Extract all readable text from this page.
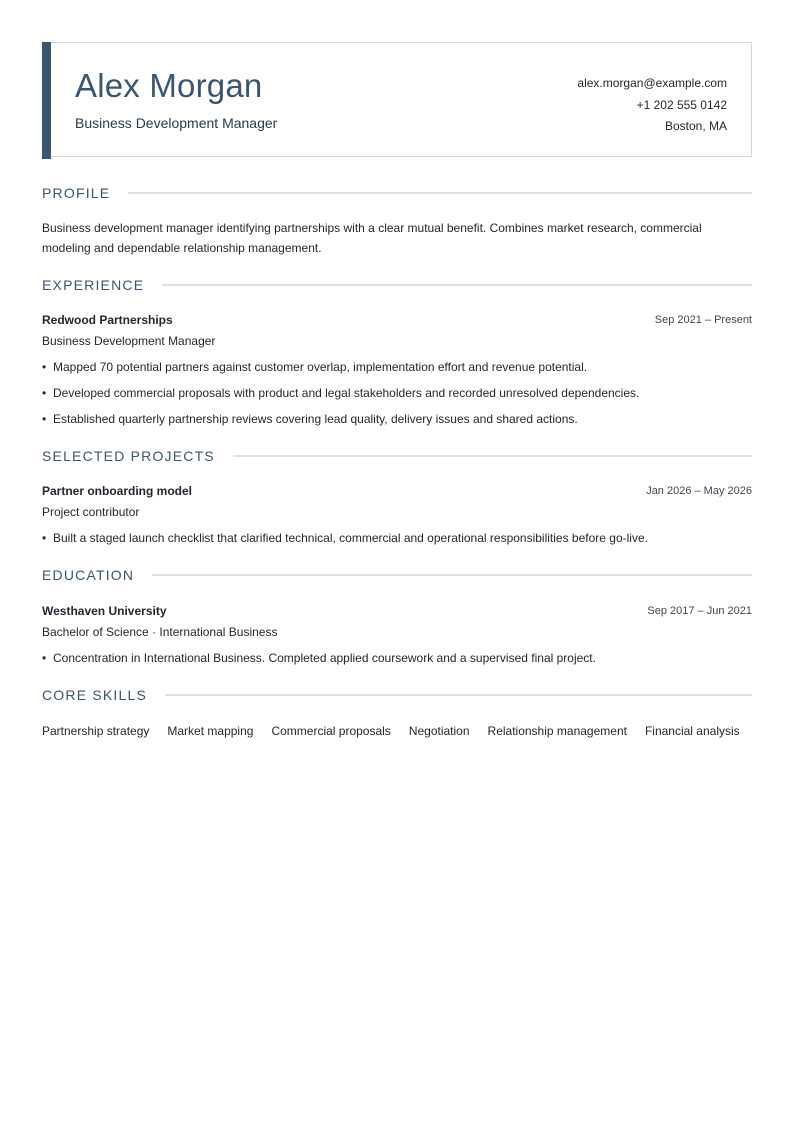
Alex Morgan
Business Development Manager
alex.morgan@example.com
+1 202 555 0142
Boston, MA
PROFILE

Business development manager identifying partnerships with a clear mutual benefit. Combines market research, commercial
modeling and dependable relationship management.

EXPERIENCE
Redwood Partnerships	Sep 2021 – Present
Business Development Manager
• Mapped 70 potential partners against customer overlap, implementation effort and revenue potential.
• Developed commercial proposals with product and legal stakeholders and recorded unresolved dependencies.
• Established quarterly partnership reviews covering lead quality, delivery issues and shared actions.
SELECTED PROJECTS
Partner onboarding model	Jan 2026 – May 2026
Project contributor
• Built a staged launch checklist that clarified technical, commercial and operational responsibilities before go-live.
EDUCATION
Westhaven University	Sep 2017 – Jun 2021
Bachelor of Science · International Business
• Concentration in International Business. Completed applied coursework and a supervised final project.
CORE SKILLS
Partnership strategy Market mapping Commercial proposals Negotiation Relationship management Financial analysis
